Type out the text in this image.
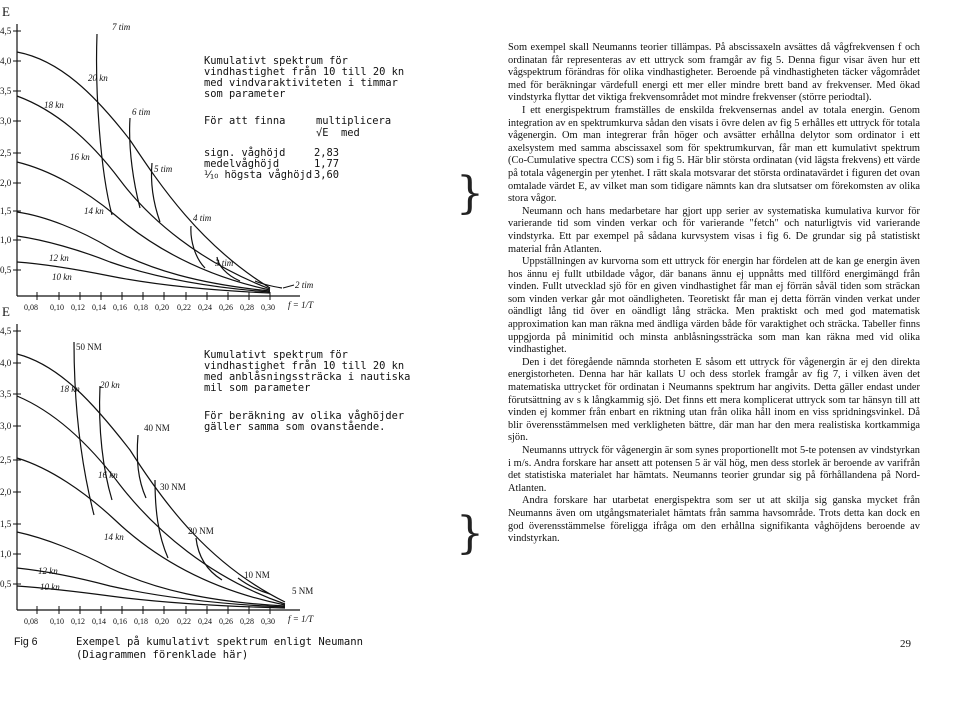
E
4,5
4,0
3,5
3,0
2,5
2,0
1,5
1,0
0,5
0,08 0,10 0,12 0,14 0,16 0,18 0,20 0,22 0,24 0,26 0,28 0,30 f = 1/T
20 kn
18 kn
16 kn
14 kn
12 kn
10 kn
7 tim
6 tim
5 tim
4 tim
3 tim
2 tim
Kumulativt spektrum för
vindhastighet från 10 till 20 kn
med vindvaraktiviteten i timmar
som parameter
För att finna	multiplicera
√E  med
sign. våghöjd	2,83
medelvåghöjd	1,77
⅒ högsta våghöjd 3,60
E
4,5
4,0
3,5
3,0
2,5
2,0
1,5
1,0
0,5
0,08 0,10 0,12 0,14 0,16 0,18 0,20 0,22 0,24 0,26 0,28 0,30 f = 1/T
20 kn
18 kn
16 kn
14 kn
12 kn
10 kn
50 NM
40 NM
30 NM
20 NM
10 NM
5 NM
Kumulativt spektrum för
vindhastighet från 10 till 20 kn
med anblåsningssträcka i nautiska
mil som parameter
För beräkning av olika våghöjder
gäller samma som ovanstående.
Fig 6	Exempel på kumulativt spektrum enligt Neumann
(Diagrammen förenklade här)
}
}

Som exempel skall Neumanns teorier tillämpas. På abscissaxeln avsättes då vågfrekvensen f och ordinatan får representeras av ett uttryck som framgår av fig 5. Denna figur visar även hur ett vågspektrum förändras för olika vindhastigheter. Beroende på vindhastigheten täcker vågområdet med för beräkningar värdefull energi ett mer eller mindre brett band av frekvenser. Med ökad vindstyrka flyttar det viktiga frekvensområdet mot mindre frekvenser (större periodtal).

I ett energispektrum framställes de enskilda frekvensernas andel av totala energin. Genom integration av en spektrumkurva sådan den visats i övre delen av fig 5 erhålles ett uttryck för totala vågenergin. Om man integrerar från höger och avsätter erhållna delytor som ordinator i ett axelsystem med samma abscissaxel som för spektrumkurvan, får man ett kumulativt spektrum (Co-Cumulative spectra CCS) som i fig 5. Här blir största ordinatan (vid lägsta frekvens) ett värde på totala vågenergin per ytenhet. I rätt skala motsvarar det största ordinatavärdet i figuren det ovan omtalade värdet E, av vilket man som tidigare nämnts kan dra slutsatser om förekomsten av olika stora vågor.

Neumann och hans medarbetare har gjort upp serier av systematiska kumulativa kurvor för varierande tid som vinden verkar och för varierande "fetch" och naturligtvis vid varierande vindstyrka. Ett par exempel på sådana kurvsystem visas i fig 6. De grundar sig på statistiskt material från Atlanten.

Uppställningen av kurvorna som ett uttryck för energin har fördelen att de kan ge energin även hos ännu ej fullt utbildade vågor, där banans ännu ej uppnåtts med tillförd energimängd från vinden. Fullt utvecklad sjö för en given vindhastighet får man ej förrän såväl tiden som sträckan som vinden verkar går mot oändligheten. Teoretiskt får man ej detta förrän vinden verkat under oändligt lång tid över en oändligt lång sträcka. Men praktiskt och med god matematisk approximation kan man räkna med ändliga värden både för varaktighet och sträcka. Tabeller finns uppgjorda på minimitid och minsta anblåsningssträcka som man kan räkna med vid olika vindhastighet.

Den i det föregående nämnda storheten E såsom ett uttryck för vågenergin är ej den direkta energistorheten. Denna har här kallats U och dess storlek framgår av fig 7, i vilken även det matematiska uttrycket för ordinatan i Neumanns spektrum har angivits. Detta gäller endast under förutsättning av s k långkammig sjö. Det finns ett mera komplicerat uttryck som tar hänsyn till att vinden ej kommer från enbart en riktning utan från olika håll inom en viss spridningsvinkel. Då blir överensstämmelsen med verkligheten bättre, där man har den mera realistiska kortkammiga sjön.

Neumanns uttryck för vågenergin är som synes proportionellt mot 5-te potensen av vindstyrkan i m/s. Andra forskare har ansett att potensen 5 är väl hög, men dess storlek är beroende av varifrån det statistiska materialet har hämtats. Neumanns teorier grundar sig på förhållandena på Nord-Atlanten.

Andra forskare har utarbetat energispektra som ser ut att skilja sig ganska mycket från Neumanns även om utgångsmaterialet hämtats från samma havsområde. Trots detta kan dock en god överensstämmelse föreligga ifråga om den erhållna signifikanta våghöjdens beroende av vindstyrkan.

29
